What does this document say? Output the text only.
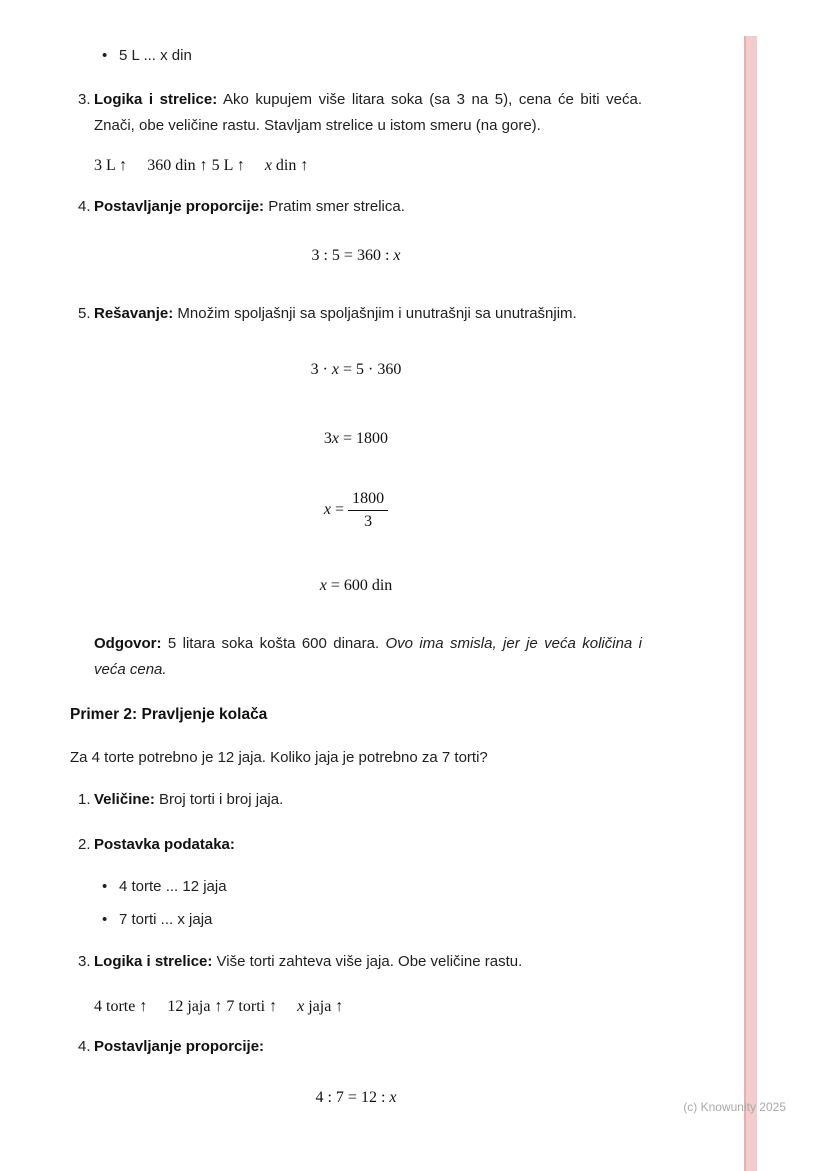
• 5 L ... x din
3. Logika i strelice: Ako kupujem više litara soka (sa 3 na 5), cena će biti veća. Znači, obe veličine rastu. Stavljam strelice u istom smeru (na gore).

3 L ↑ 360 din ↑ 5 L ↑ x din ↑
4. Postavljanje proporcije: Pratim smer strelica.

3 : 5 = 360 : x
5. Rešavanje: Množim spoljašnji sa spoljašnjim i unutrašnji sa unutrašnjim.

3 · x = 5 · 360
3x = 1800
$x = \frac{1800}{3}$
x = 600 din

Odgovor: 5 litara soka košta 600 dinara. Ovo ima smisla, jer je veća količina i veća cena.

Primer 2: Pravljenje kolača

Za 4 torte potrebno je 12 jaja. Koliko jaja je potrebno za 7 torti?

1. Veličine: Broj torti i broj jaja.

2. Postavka podataka:

• 4 torte ... 12 jaja
• 7 torti ... x jaja
3. Logika i strelice: Više torti zahteva više jaja. Obe veličine rastu.

4 torte ↑ 12 jaja ↑ 7 torti ↑ x jaja ↑
4. Postavljanje proporcije:

4 : 7 = 12 : x
(c) Knowunity 2025
